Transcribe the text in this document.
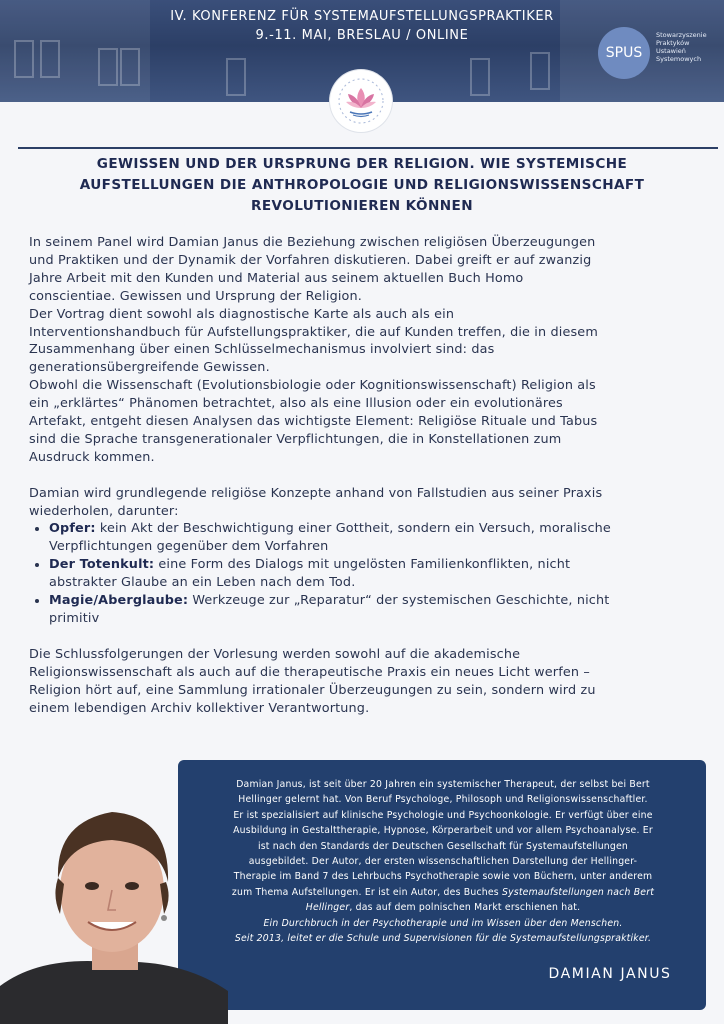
IV. KONFERENZ FÜR SYSTEMAUFSTELLUNGSPRAKTIKER
9.-11. MAI, BRESLAU / ONLINE
SPUS
Stowarzyszenie
Praktyków
Ustawień
Systemowych
GEWISSEN UND DER URSPRUNG DER RELIGION. WIE SYSTEMISCHE
AUFSTELLUNGEN DIE ANTHROPOLOGIE UND RELIGIONSWISSENSCHAFT
REVOLUTIONIEREN KÖNNEN

In seinem Panel wird Damian Janus die Beziehung zwischen religiösen Überzeugungen
und Praktiken und der Dynamik der Vorfahren diskutieren. Dabei greift er auf zwanzig
Jahre Arbeit mit den Kunden und Material aus seinem aktuellen Buch Homo
conscientiae. Gewissen und Ursprung der Religion.
Der Vortrag dient sowohl als diagnostische Karte als auch als ein
Interventionshandbuch für Aufstellungspraktiker, die auf Kunden treffen, die in diesem
Zusammenhang über einen Schlüsselmechanismus involviert sind: das
generationsübergreifende Gewissen.
Obwohl die Wissenschaft (Evolutionsbiologie oder Kognitionswissenschaft) Religion als
ein „erklärtes“ Phänomen betrachtet, also als eine Illusion oder ein evolutionäres
Artefakt, entgeht diesen Analysen das wichtigste Element: Religiöse Rituale und Tabus
sind die Sprache transgenerationaler Verpflichtungen, die in Konstellationen zum
Ausdruck kommen.

Damian wird grundlegende religiöse Konzepte anhand von Fallstudien aus seiner Praxis
wiederholen, darunter:

• Opfer: kein Akt der Beschwichtigung einer Gottheit, sondern ein Versuch, moralische
Verpflichtungen gegenüber dem Vorfahren
• Der Totenkult: eine Form des Dialogs mit ungelösten Familienkonflikten, nicht
abstrakter Glaube an ein Leben nach dem Tod.
• Magie/Aberglaube: Werkzeuge zur „Reparatur“ der systemischen Geschichte, nicht
primitiv

Die Schlussfolgerungen der Vorlesung werden sowohl auf die akademische
Religionswissenschaft als auch auf die therapeutische Praxis ein neues Licht werfen –
Religion hört auf, eine Sammlung irrationaler Überzeugungen zu sein, sondern wird zu
einem lebendigen Archiv kollektiver Verantwortung.

Damian Janus, ist seit über 20 Jahren ein systemischer Therapeut, der selbst bei Bert
Hellinger gelernt hat. Von Beruf Psychologe, Philosoph und Religionswissenschaftler.
Er ist spezialisiert auf klinische Psychologie und Psychoonkologie. Er verfügt über eine
Ausbildung in Gestalttherapie, Hypnose, Körperarbeit und vor allem Psychoanalyse. Er
ist nach den Standards der Deutschen Gesellschaft für Systemaufstellungen
ausgebildet. Der Autor, der ersten wissenschaftlichen Darstellung der Hellinger-
Therapie im Band 7 des Lehrbuchs Psychotherapie sowie von Büchern, unter anderem
zum Thema Aufstellungen. Er ist ein Autor, des Buches Systemaufstellungen nach Bert
Hellinger, das auf dem polnischen Markt erschienen hat.
Ein Durchbruch in der Psychotherapie und im Wissen über den Menschen.
Seit 2013, leitet er die Schule und Supervisionen für die Systemaufstellungspraktiker.
DAMIAN JANUS
